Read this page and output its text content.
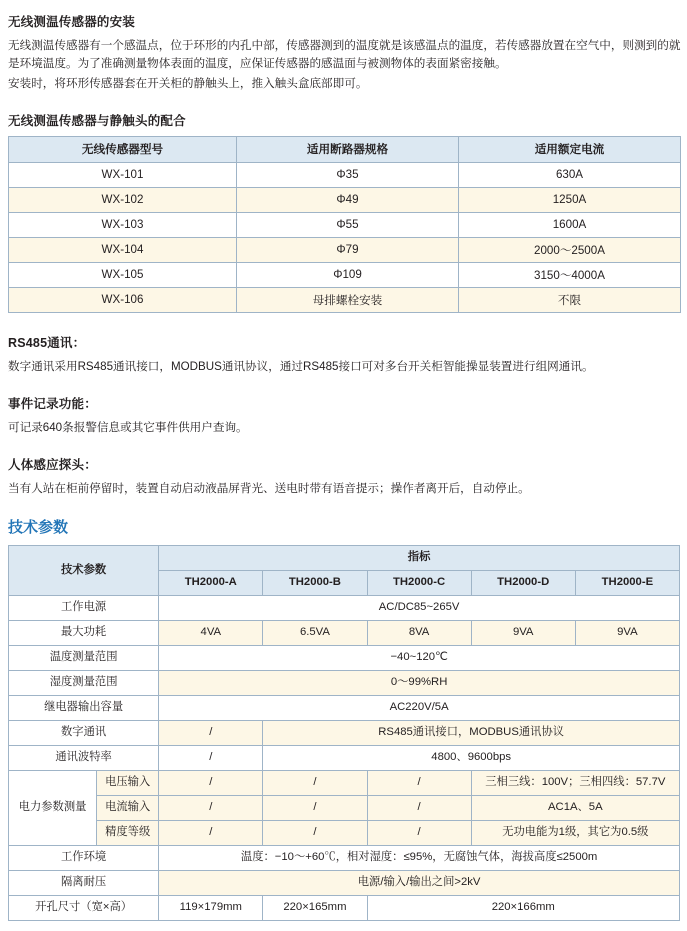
无线测温传感器的安装

无线测温传感器有一个感温点，位于环形的内孔中部，传感器测到的温度就是该感温点的温度，若传感器放置在空气中，则测到的就是环境温度。为了准确测量物体表面的温度，应保证传感器的感温面与被测物体的表面紧密接触。

安装时，将环形传感器套在开关柜的静触头上，推入触头盒底部即可。

无线测温传感器与静触头的配合
无线传感器型号	适用断路器规格	适用额定电流
WX-101	Φ35	630A
WX-102	Φ49	1250A
WX-103	Φ55	1600A
WX-104	Φ79	2000～2500A
WX-105	Φ109	3150～4000A
WX-106	母排螺栓安装	不限
RS485通讯：

数字通讯采用RS485通讯接口，MODBUS通讯协议，通过RS485接口可对多台开关柜智能操显装置进行组网通讯。

事件记录功能：

可记录640条报警信息或其它事件供用户查询。

人体感应探头：

当有人站在柜前停留时，装置自动启动液晶屏背光、送电时带有语音提示；操作者离开后，自动停止。

技术参数
技术参数		指标				
		TH2000-A	TH2000-B	TH2000-C	TH2000-D	TH2000-E
工作电源		AC/DC85~265V				
最大功耗		4VA	6.5VA	8VA	9VA	9VA
温度测量范围		−40~120℃				
湿度测量范围		0～99%RH				
继电器输出容量		AC220V/5A				
数字通讯		/	RS485通讯接口，MODBUS通讯协议			
通讯波特率		/	4800、9600bps			
电力参数测量	电压输入	/	/	/	三相三线：100V；三相四线：57.7V	
	电流输入	/	/	/	AC1A、5A	
	精度等级	/	/	/	无功电能为1级，其它为0.5级	
工作环境		温度：−10～+60℃，相对湿度：≤95%，无腐蚀气体，海拔高度≤2500m				
隔离耐压		电源/输入/输出之间>2kV				
开孔尺寸（宽×高）		119×179mm	220×165mm	220×166mm		
